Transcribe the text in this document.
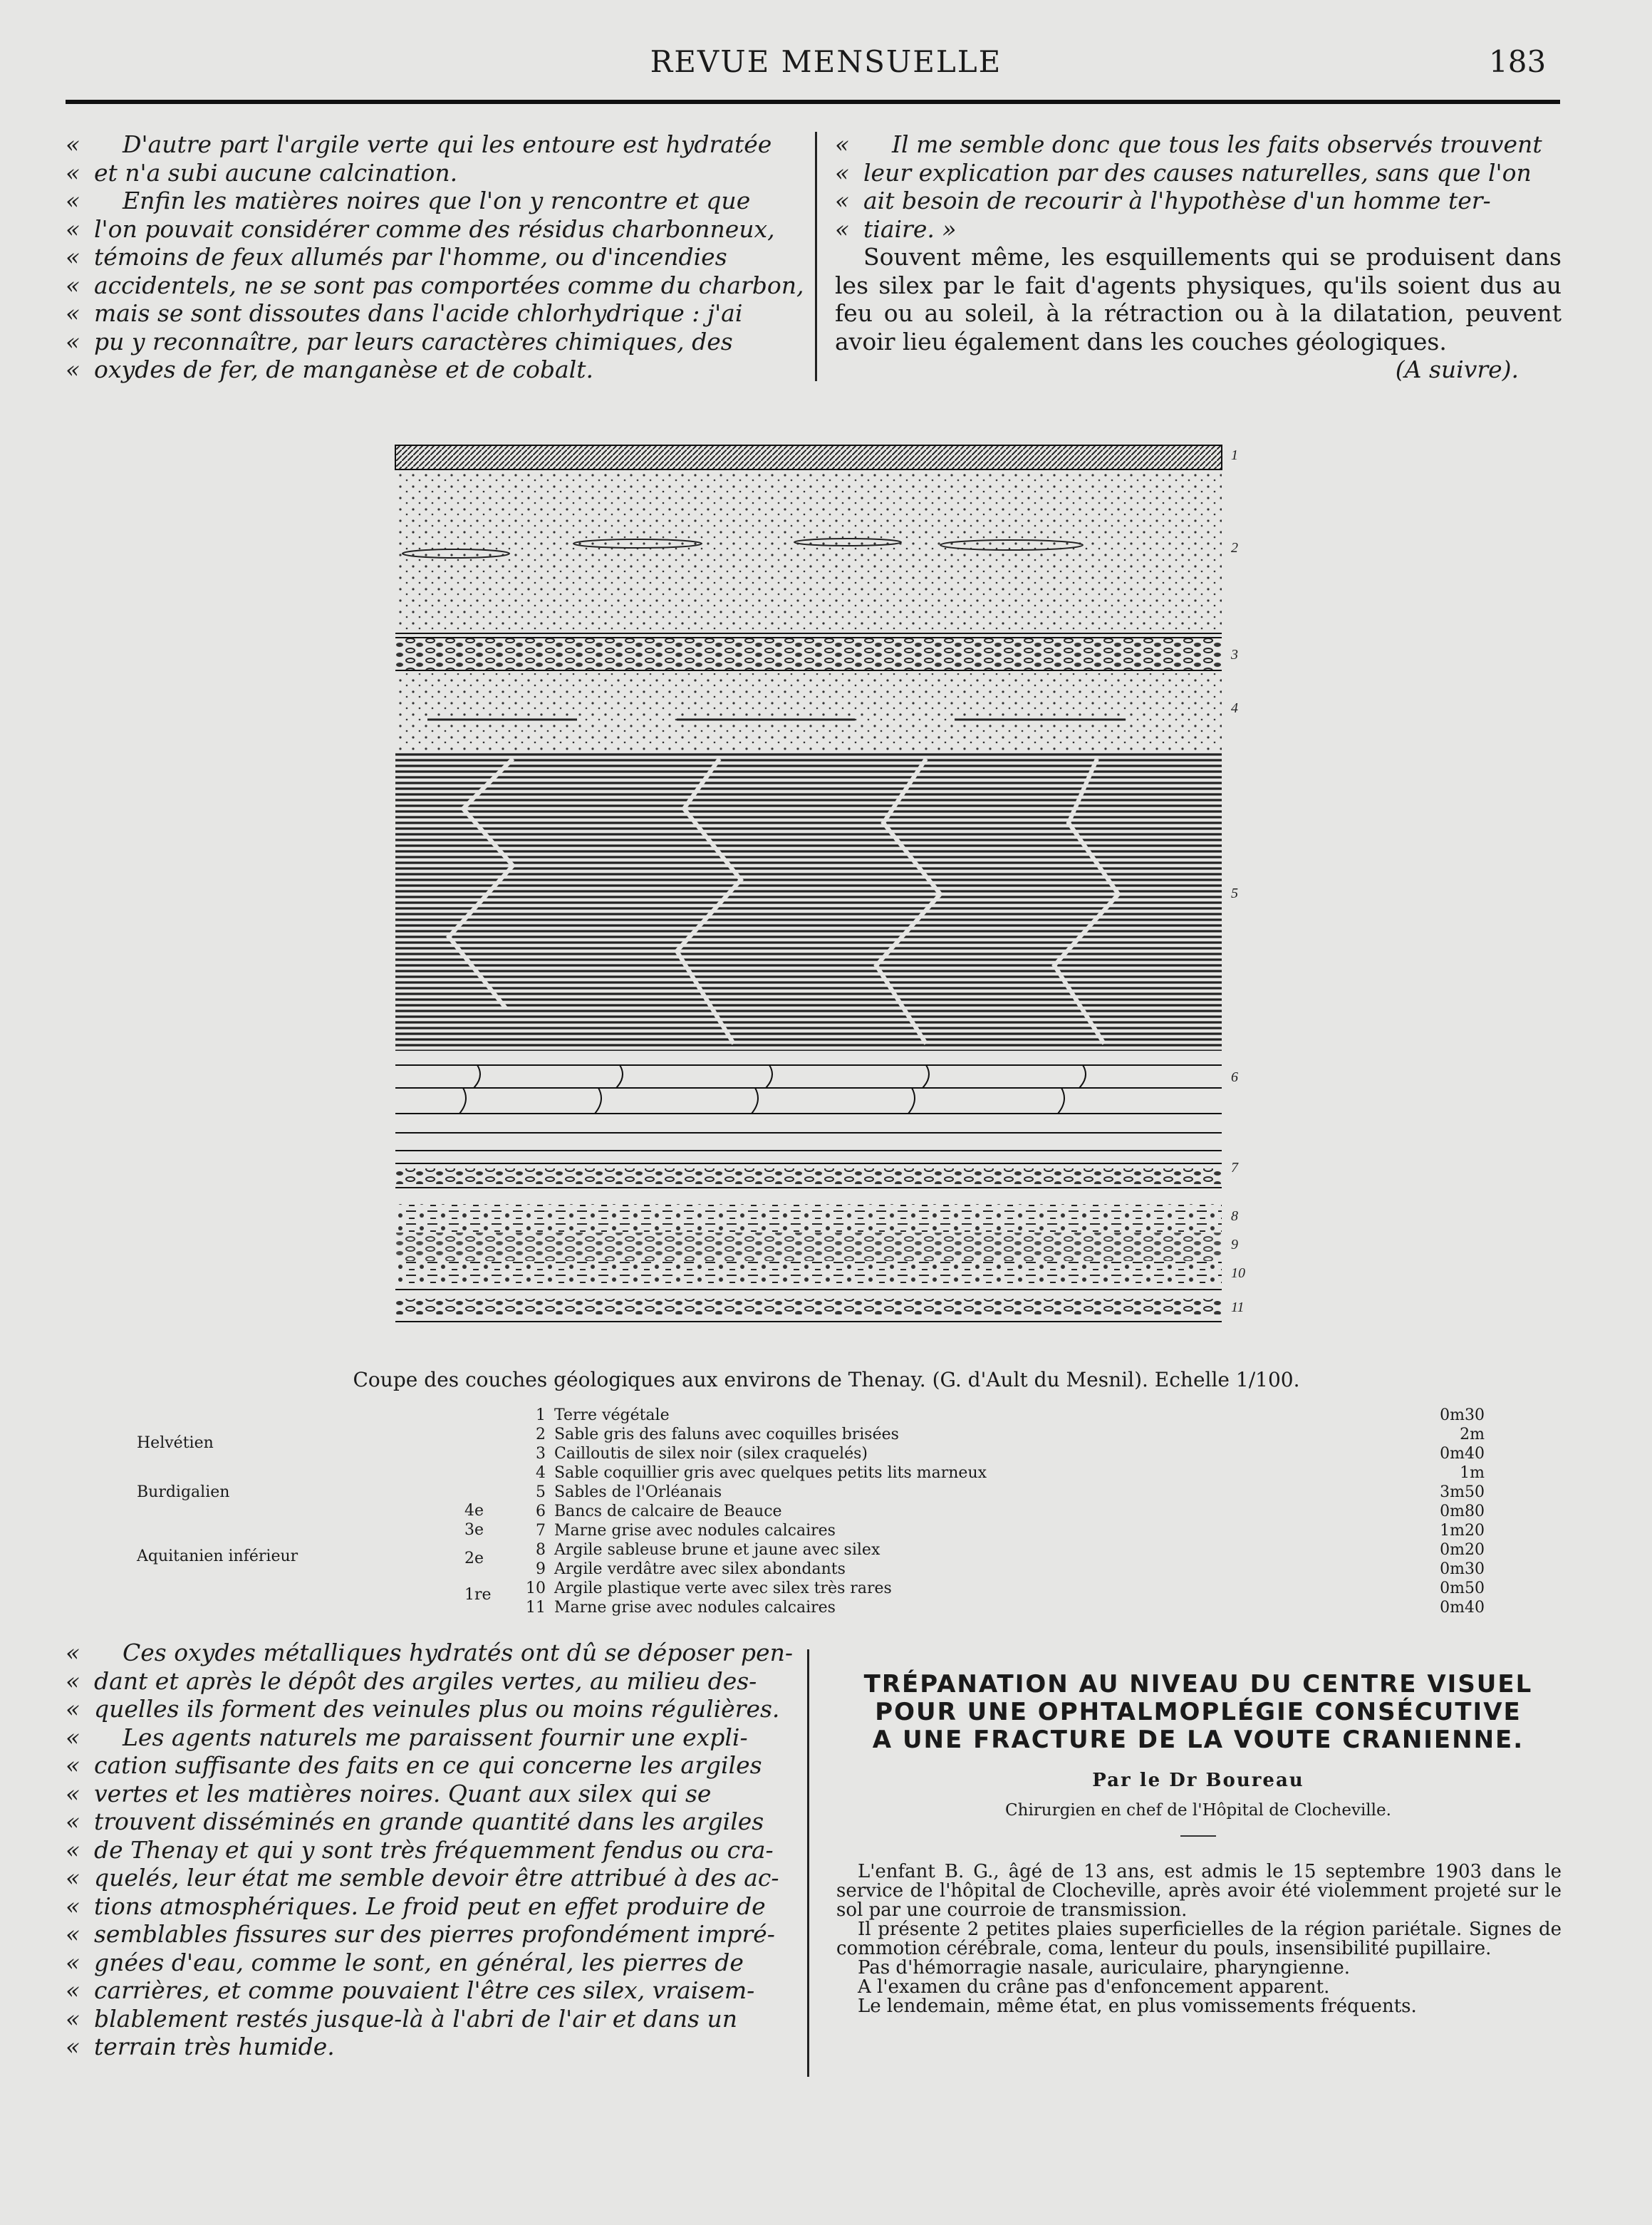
REVUE MENSUELLE	183

« D'autre part l'argile verte qui les entoure est hydratée

« et n'a subi aucune calcination.

« Enfin les matières noires que l'on y rencontre et que

« l'on pouvait considérer comme des résidus charbonneux,

« témoins de feux allumés par l'homme, ou d'incendies

« accidentels, ne se sont pas comportées comme du charbon,

« mais se sont dissoutes dans l'acide chlorhydrique : j'ai

« pu y reconnaître, par leurs caractères chimiques, des

« oxydes de fer, de manganèse et de cobalt.

« Il me semble donc que tous les faits observés trouvent

« leur explication par des causes naturelles, sans que l'on

« ait besoin de recourir à l'hypothèse d'un homme ter-

« tiaire. »

Souvent même, les esquillements qui se produisent dans les silex par le fait d'agents physiques, qu'ils soient dus au feu ou au soleil, à la rétraction ou à la dilatation, peuvent avoir lieu également dans les couches géologiques.
(A suivre).
1
2
3
4
5
6
7
8
9
10
11
Coupe des couches géologiques aux environs de Thenay. (G. d'Ault du Mesnil). Echelle 1/100.
Helvétien
Burdigalien
Aquitanien inférieur
4e
3e
2e
1re
1	Terre végétale	0m30
2	Sable gris des faluns avec coquilles brisées	2m
3	Cailloutis de silex noir (silex craquelés)	0m40
4	Sable coquillier gris avec quelques petits lits marneux	1m
5	Sables de l'Orléanais	3m50
6	Bancs de calcaire de Beauce	0m80
7	Marne grise avec nodules calcaires	1m20
8	Argile sableuse brune et jaune avec silex	0m20
9	Argile verdâtre avec silex abondants	0m30
10	Argile plastique verte avec silex très rares	0m50
11	Marne grise avec nodules calcaires	0m40

« Ces oxydes métalliques hydratés ont dû se déposer pen-

« dant et après le dépôt des argiles vertes, au milieu des-

« quelles ils forment des veinules plus ou moins régulières.

« Les agents naturels me paraissent fournir une expli-

« cation suffisante des faits en ce qui concerne les argiles

« vertes et les matières noires. Quant aux silex qui se

« trouvent disséminés en grande quantité dans les argiles

« de Thenay et qui y sont très fréquemment fendus ou cra-

« quelés, leur état me semble devoir être attribué à des ac-

« tions atmosphériques. Le froid peut en effet produire de

« semblables fissures sur des pierres profondément impré-

« gnées d'eau, comme le sont, en général, les pierres de

« carrières, et comme pouvaient l'être ces silex, vraisem-

« blablement restés jusque-là à l'abri de l'air et dans un

« terrain très humide.

TRÉPANATION AU NIVEAU DU CENTRE VISUEL
POUR UNE OPHTALMOPLÉGIE CONSÉCUTIVE
A UNE FRACTURE DE LA VOUTE CRANIENNE.
Par le Dr Boureau
Chirurgien en chef de l'Hôpital de Clocheville.

L'enfant B. G., âgé de 13 ans, est admis le 15 septembre 1903 dans le service de l'hôpital de Clocheville, après avoir été violemment projeté sur le sol par une courroie de transmission.

Il présente 2 petites plaies superficielles de la région pariétale. Signes de commotion cérébrale, coma, lenteur du pouls, insensibilité pupillaire.

Pas d'hémorragie nasale, auriculaire, pharyngienne.

A l'examen du crâne pas d'enfoncement apparent.

Le lendemain, même état, en plus vomissements fréquents.
